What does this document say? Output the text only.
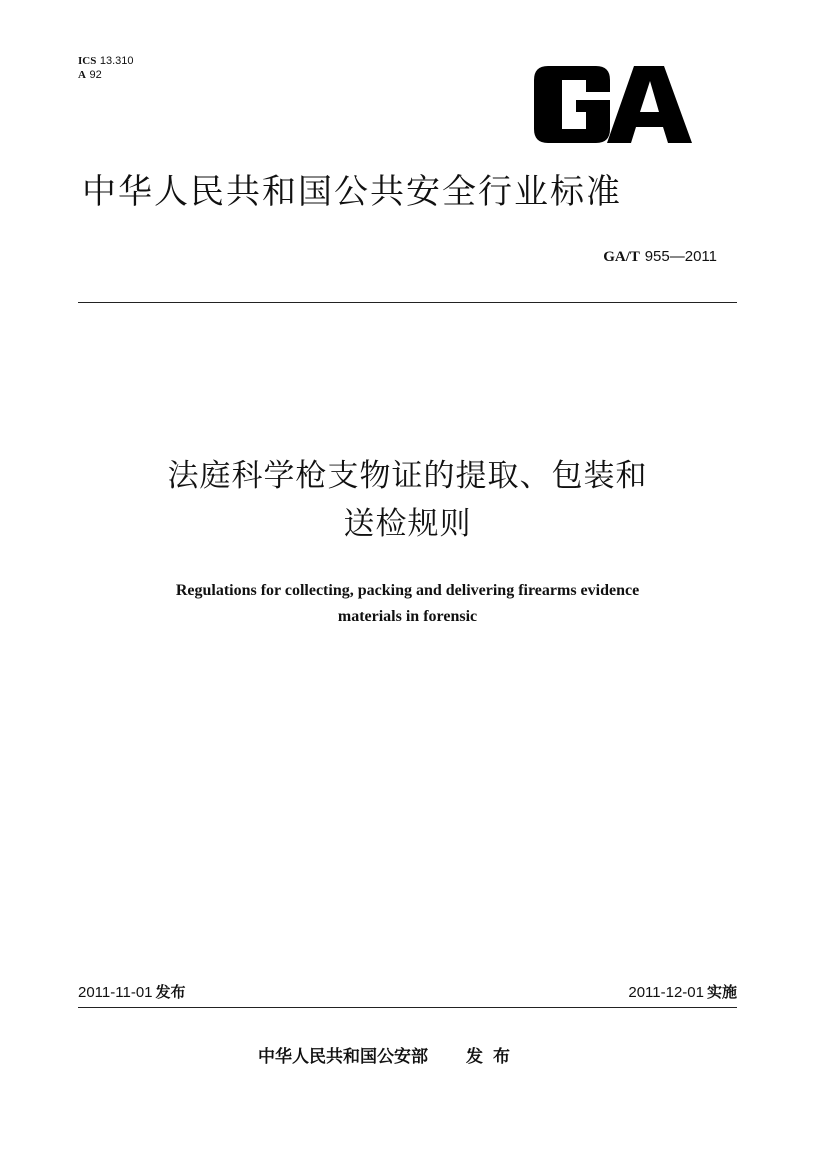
ICS 13.310
A 92
中华人民共和国公共安全行业标准
GA/T 955—2011
法庭科学枪支物证的提取、包装和
送检规则
Regulations for collecting, packing and delivering firearms evidence
materials in forensic
2011-11-01 发布	2011-12-01 实施
中华人民共和国公安部 发布
